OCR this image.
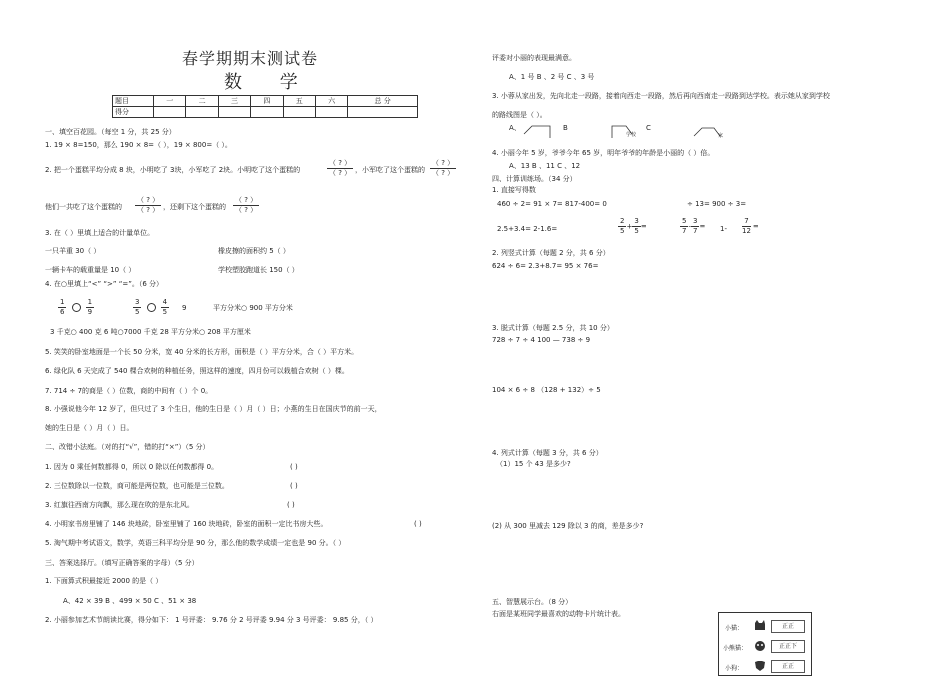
春学期期末测试卷
数 学
题目	一	二	三	四	五	六	总 分
得分							
一、填空百花园。（每空 1 分，共 25 分）
1. 19 × 8=150，那么 190 × 8=（ ），19 × 800=（ ）。
2. 把一个蛋糕平均分成 8 块，小明吃了 3块，小军吃了 2块。小明吃了这个蛋糕的	$\frac{( ? )}{( ? )}$ ，小军吃了这个蛋糕的 $\frac{( ? )}{( ? )}$
他们一共吃了这个蛋糕的 $\frac{( ? )}{( ? )}$ ，还剩下这个蛋糕的 $\frac{( ? )}{( ? )}$
3. 在（ ）里填上适合的计量单位。
一只羊重 30（ ）	橡皮擦的面积约 5（ ）
一辆卡车的载重量是 10（ ）	学校塑胶跑道长 150（ ）
4. 在○里填上“<” “>” “=”。（6 分）
$\frac{1}{6}$
	$\frac{1}{9}$	$\frac{3}{5}$
	$\frac{4}{5} 9$	平方分米○ 900 平方分米
3 千克○ 400 克 6 吨○7000 千克 28 平方分米○ 208 平方厘米
5. 笑笑的卧室地面是一个长 50 分米，宽 40 分米的长方形，面积是（ ）平方分米，合（ ）平方米。
6. 绿化队 6 天完成了 540 棵合欢树的种植任务，照这样的速度，四月份可以栽植合欢树（ ）棵。
7. 714 ÷ 7的商是（ ）位数，商的中间有（ ）个 0。
8. 小强说他今年 12 岁了，但只过了 3 个生日，他的生日是（ ）月（ ）日；小燕的生日在国庆节的前一天，
她的生日是（ ）月（ ）日。
二、改错小法庭。（对的打“√”，错的打“×”）（5 分）
1. 因为 0 乘任何数都得 0，所以 0 除以任何数都得 0。	( )
2. 三位数除以一位数，商可能是两位数，也可能是三位数。	( )
3. 红旗往西南方向飘，那么现在吹的是东北风。	( )
4. 小明家书房里铺了 146 块地砖，卧室里铺了 160 块地砖，卧室的面积一定比书房大些。	( )
5. 淘气期中考试语文，数学，英语三科平均分是 90 分，那么他的数学成绩一定也是 90 分。（ ）
三、答案选择厅。（填写正确答案的字母）（5 分）
1. 下面算式积最接近 2000 的是（ ）
A、42 × 39 B 、499 × 50 C 、51 × 38
2. 小丽参加艺术节朗读比赛，得分如下： 1 号评委： 9.76 分 2 号评委 9.94 分 3 号评委： 9.85 分，（ ）
评委对小丽的表现最满意。
A、1 号 B 、2 号 C 、3 号
3. 小蓉从家出发，先向北走一段路，接着向西走一段路，然后再向西南走一段路到达学校。表示她从家到学校
的路线图是（ ）。
A、	B
学校
C
家
4. 小丽今年 5 岁，爷爷今年 65 岁，明年爷爷的年龄是小丽的（ ）倍。
A、13 B 、11 C 、12
四、计算训练场。（34 分）
1. 直接写得数
460 ÷ 2= 91 × 7= 817-400= 0	÷ 13= 900 ÷ 3=
2.5+3.4= 2-1.6=	$\frac{2}{5} + \frac{3}{5}$ =	$\frac{5}{7} - \frac{3}{7} = 1- \frac{7}{12}$ =
2. 列竖式计算（每题 2 分，共 6 分）
624 ÷ 6= 2.3+8.7= 95 × 76=
3. 脱式计算（每题 2.5 分，共 10 分）
728 ÷ 7 ÷ 4 100 — 738 ÷ 9
104 × 6 ÷ 8 （128 + 132）÷ 5
4. 列式计算（每题 3 分，共 6 分）
（1）15 个 43 是多少?
(2) 从 300 里减去 129 除以 3 的商，差是多少?
五、智慧展示台。（8 分）
右面是某班同学最喜欢的动物卡片统计表。
小猫：	正正
小熊猫：	正正下
小狗：	正正
